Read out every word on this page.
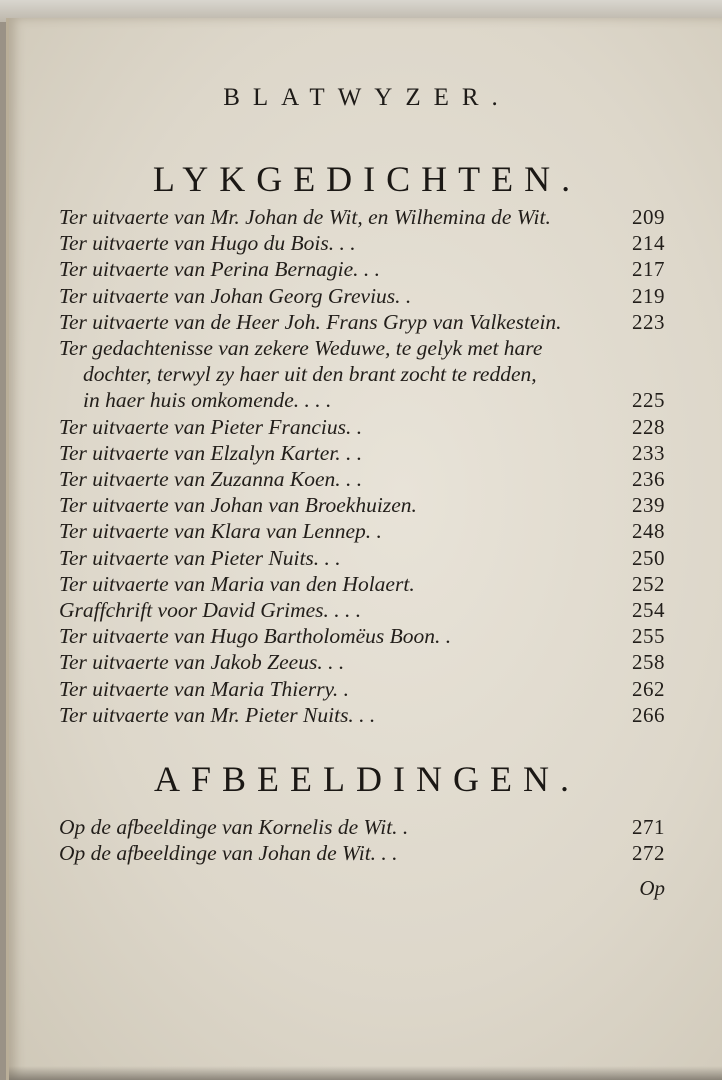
BLATWYZER.
LYKGEDICHTEN.
Ter uitvaerte van Mr. Johan de Wit, en Wilhemina de Wit.	209
Ter uitvaerte van Hugo du Bois. . .	214
Ter uitvaerte van Perina Bernagie. . .	217
Ter uitvaerte van Johan Georg Grevius. .	219
Ter uitvaerte van de Heer Joh. Frans Gryp van Valkestein.	223
Ter gedachtenisse van zekere Weduwe, te gelyk met hare
dochter, terwyl zy haer uit den brant zocht te redden,
in haer huis omkomende. . . .	225
Ter uitvaerte van Pieter Francius. .	228
Ter uitvaerte van Elzalyn Karter. . .	233
Ter uitvaerte van Zuzanna Koen. . .	236
Ter uitvaerte van Johan van Broekhuizen.	239
Ter uitvaerte van Klara van Lennep. .	248
Ter uitvaerte van Pieter Nuits. . .	250
Ter uitvaerte van Maria van den Holaert.	252
Graffchrift voor David Grimes. . . .	254
Ter uitvaerte van Hugo Bartholomëus Boon. .	255
Ter uitvaerte van Jakob Zeeus. . .	258
Ter uitvaerte van Maria Thierry. .	262
Ter uitvaerte van Mr. Pieter Nuits. . .	266
AFBEELDINGEN.
Op de afbeeldinge van Kornelis de Wit. .	271
Op de afbeeldinge van Johan de Wit. . .	272
Op
